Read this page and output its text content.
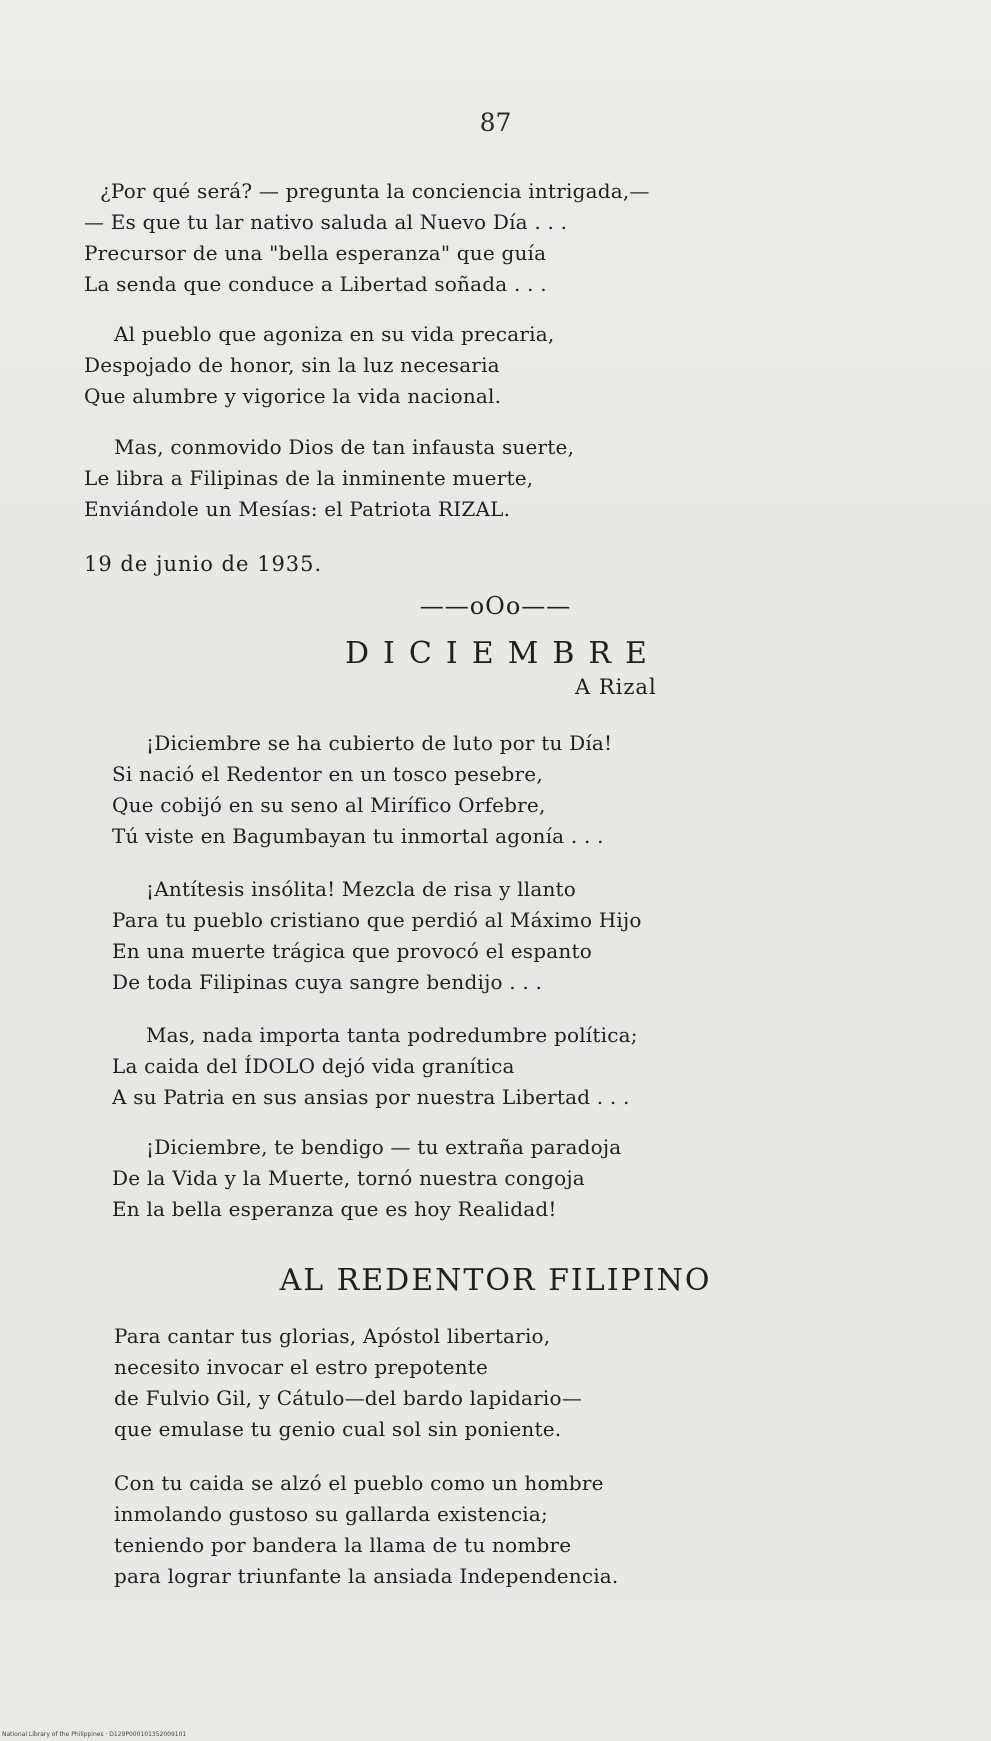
87
¿Por qué será? — pregunta la conciencia intrigada,—
— Es que tu lar nativo saluda al Nuevo Día . . .
Precursor de una "bella esperanza" que guía
La senda que conduce a Libertad soñada . . .
Al pueblo que agoniza en su vida precaria,
Despojado de honor, sin la luz necesaria
Que alumbre y vigorice la vida nacional.
Mas, conmovido Dios de tan infausta suerte,
Le libra a Filipinas de la inminente muerte,
Enviándole un Mesías: el Patriota RIZAL.
19 de junio de 1935.
——oOo——
DICIEMBRE
A Rizal
¡Diciembre se ha cubierto de luto por tu Día!
Si nació el Redentor en un tosco pesebre,
Que cobijó en su seno al Mirífico Orfebre,
Tú viste en Bagumbayan tu inmortal agonía . . .
¡Antítesis insólita! Mezcla de risa y llanto
Para tu pueblo cristiano que perdió al Máximo Hijo
En una muerte trágica que provocó el espanto
De toda Filipinas cuya sangre bendijo . . .
Mas, nada importa tanta podredumbre política;
La caida del ÍDOLO dejó vida granítica
A su Patria en sus ansias por nuestra Libertad . . .
¡Diciembre, te bendigo — tu extraña paradoja
De la Vida y la Muerte, tornó nuestra congoja
En la bella esperanza que es hoy Realidad!
AL REDENTOR FILIPINO
Para cantar tus glorias, Apóstol libertario,
necesito invocar el estro prepotente
de Fulvio Gil, y Cátulo—del bardo lapidario—
que emulase tu genio cual sol sin poniente.
Con tu caida se alzó el pueblo como un hombre
inmolando gustoso su gallarda existencia;
teniendo por bandera la llama de tu nombre
para lograr triunfante la ansiada Independencia.
National Library of the Philippines · D129P000101352009101
